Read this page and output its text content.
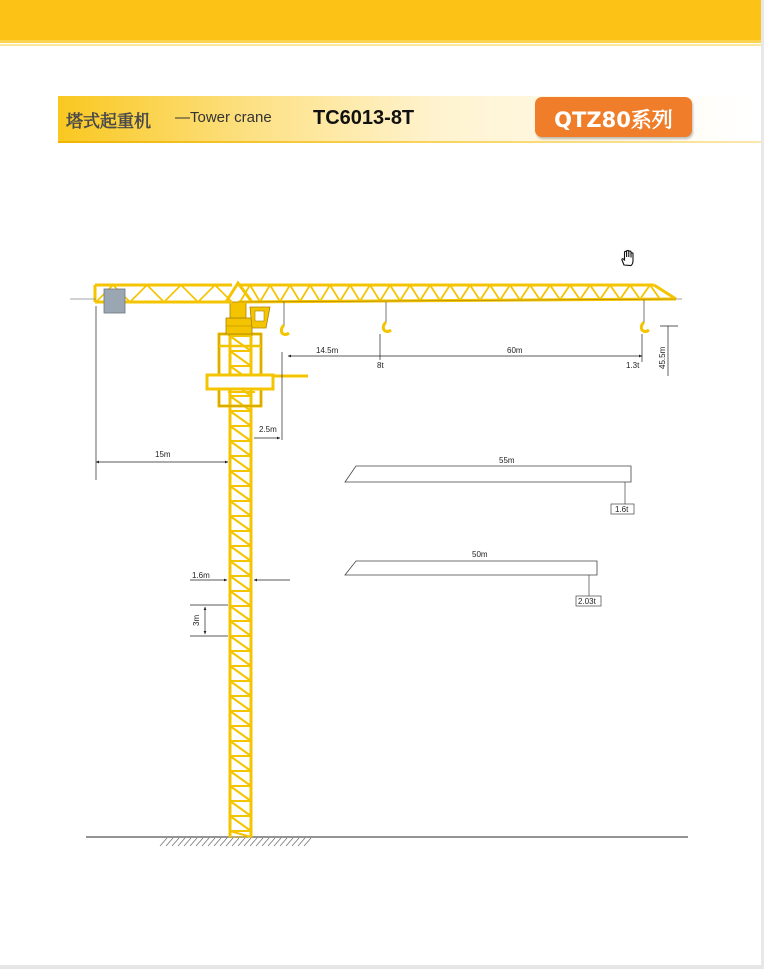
塔式起重机 —Tower crane TC6013-8T	QTZ80系列
14.5m	60m
8t	1.3t 45.5m
2.5m
15m
1.6m
3m
55m
1.6t
50m
2.03t
